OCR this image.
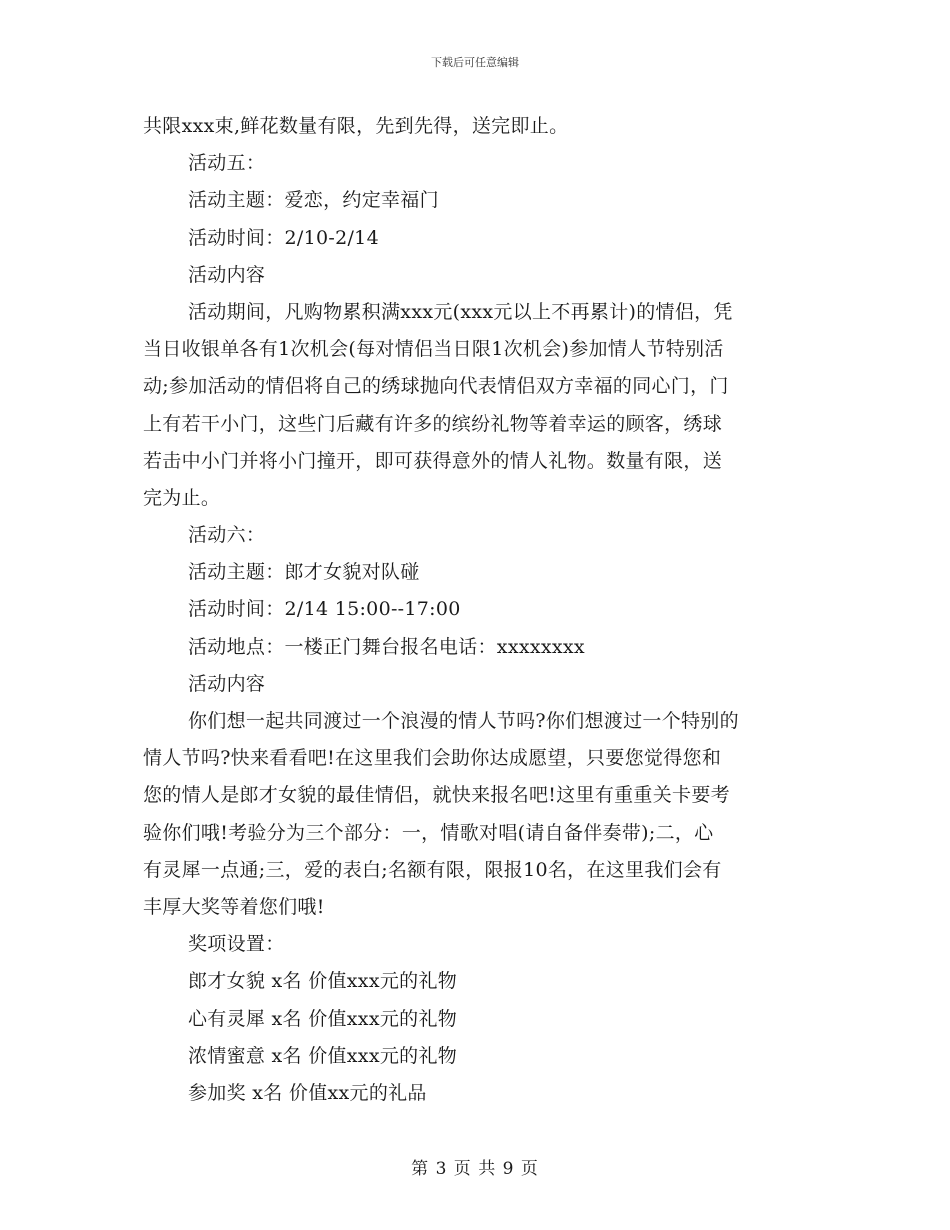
下载后可任意编辑
共限xxx束,鲜花数量有限，先到先得，送完即止。
活动五：
活动主题：爱恋，约定幸福门
活动时间：2/10-2/14
活动内容
活动期间，凡购物累积满xxx元(xxx元以上不再累计)的情侣，凭
当日收银单各有1次机会(每对情侣当日限1次机会)参加情人节特别活
动;参加活动的情侣将自己的绣球抛向代表情侣双方幸福的同心门，门
上有若干小门，这些门后藏有许多的缤纷礼物等着幸运的顾客，绣球
若击中小门并将小门撞开，即可获得意外的情人礼物。数量有限，送
完为止。
活动六：
活动主题：郎才女貌对队碰
活动时间：2/14 15:00--17:00
活动地点：一楼正门舞台报名电话：xxxxxxxx
活动内容
你们想一起共同渡过一个浪漫的情人节吗?你们想渡过一个特别的
情人节吗?快来看看吧!在这里我们会助你达成愿望，只要您觉得您和
您的情人是郎才女貌的最佳情侣，就快来报名吧!这里有重重关卡要考
验你们哦!考验分为三个部分：一，情歌对唱(请自备伴奏带);二，心
有灵犀一点通;三，爱的表白;名额有限，限报10名，在这里我们会有
丰厚大奖等着您们哦!
奖项设置：
郎才女貌 x名 价值xxx元的礼物
心有灵犀 x名 价值xxx元的礼物
浓情蜜意 x名 价值xxx元的礼物
参加奖 x名 价值xx元的礼品
第 3 页 共 9 页
